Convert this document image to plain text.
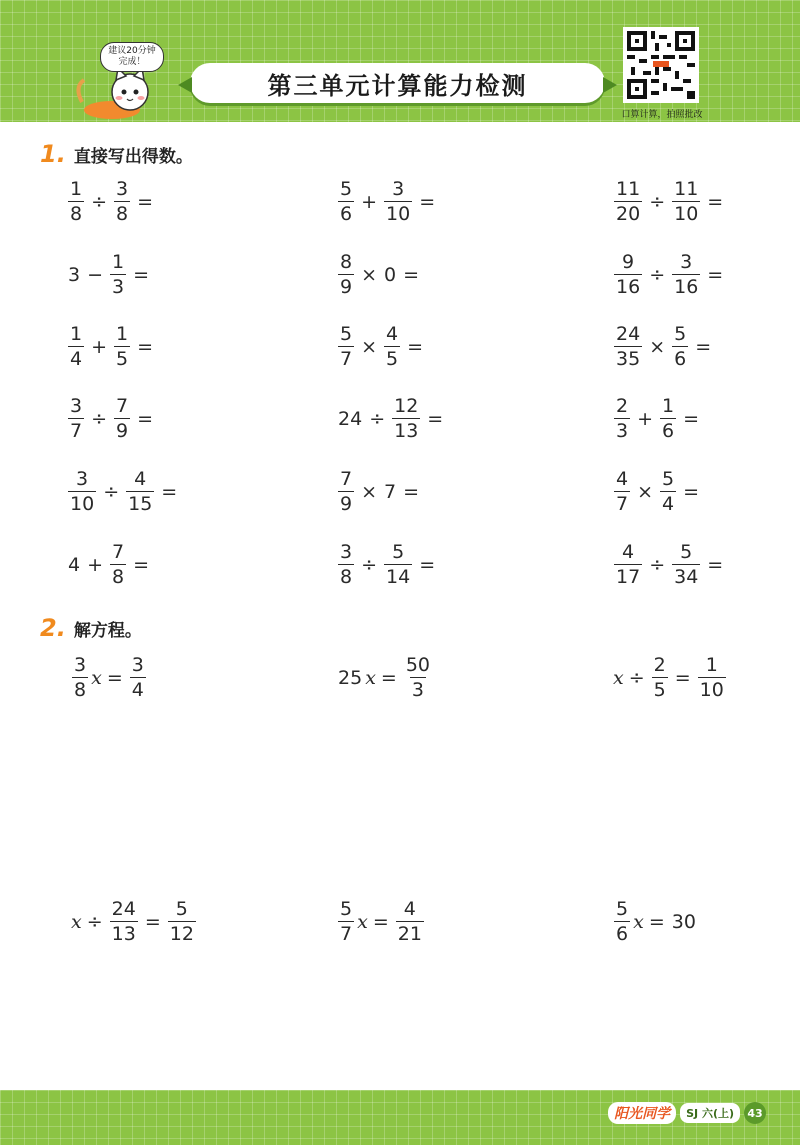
建议20分钟
完成！
第三单元计算能力检测
口算计算，拍照批改
1. 直接写出得数。
$\frac{1}{8} \div \frac{3}{8}$ =	$\frac{5}{6} + \frac{3}{10}$ =	$\frac{11}{20} \div \frac{11}{10}$ =
$3 - \frac{1}{3}$ =	$\frac{8}{9} \times 0$ =	$\frac{9}{16} \div \frac{3}{16}$ =
$\frac{1}{4} + \frac{1}{5}$ =	$\frac{5}{7} \times \frac{4}{5}$ =	$\frac{24}{35} \times \frac{5}{6}$ =
$\frac{3}{7} \div \frac{7}{9}$ =	$24 \div \frac{12}{13}$ =	$\frac{2}{3} + \frac{1}{6}$ =
$\frac{3}{10} \div \frac{4}{15}$ =	$\frac{7}{9} \times 7$ =	$\frac{4}{7} \times \frac{5}{4}$ =
$4 + \frac{7}{8}$ =	$\frac{3}{8} \div \frac{5}{14}$ =	$\frac{4}{17} \div \frac{5}{34}$ =
2. 解方程。
$\frac{3}{8}$ $x = \frac{3}{4}$	25 $x = \frac{50}{3}$	$x \div \frac{2}{5} = \frac{1}{10}$
$x \div \frac{24}{13} = \frac{5}{12}$	$\frac{5}{7}$ $x = \frac{4}{21}$	$\frac{5}{6}$ x = 30
阳光同学	SJ 六(上)	43
